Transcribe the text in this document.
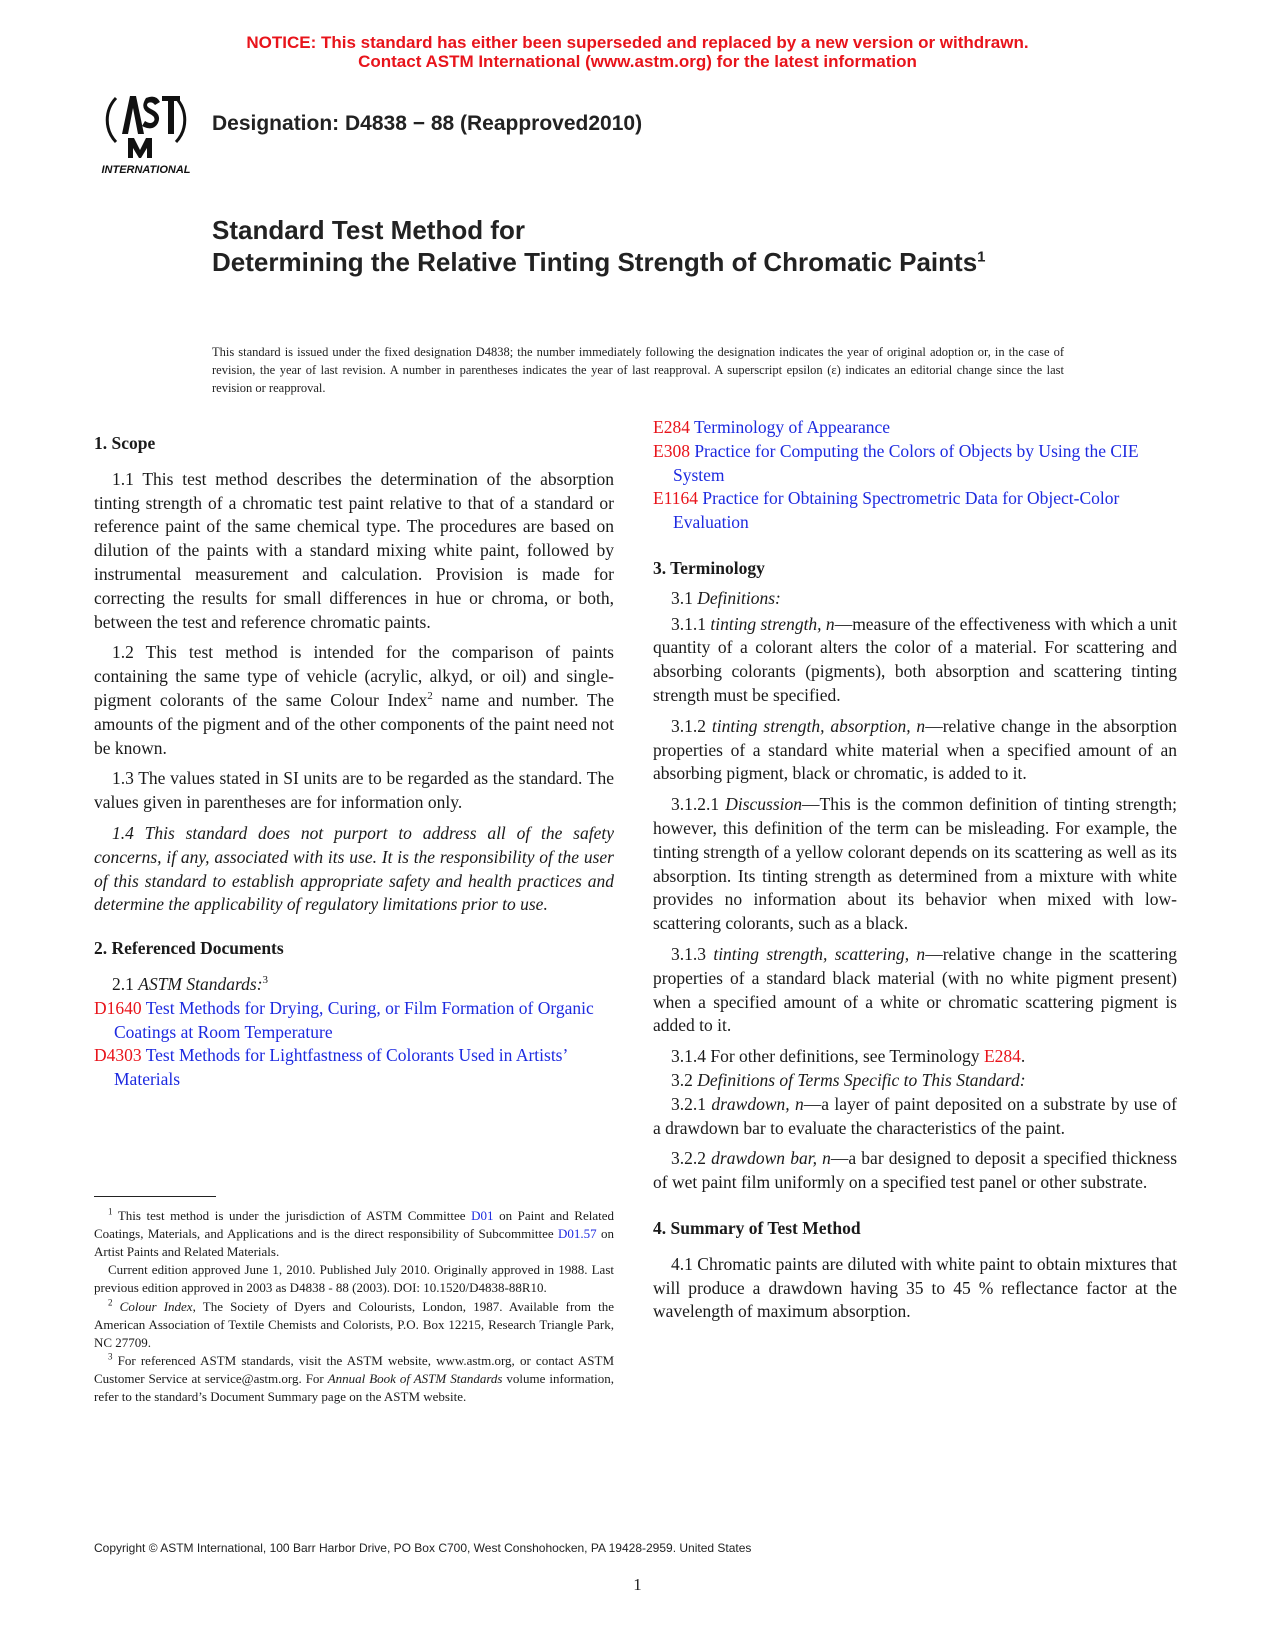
NOTICE: This standard has either been superseded and replaced by a new version or withdrawn.
Contact ASTM International (www.astm.org) for the latest information
INTERNATIONAL
Designation: D4838 − 88 (Reapproved2010)
Standard Test Method for
Determining the Relative Tinting Strength of Chromatic Paints$^1$
This standard is issued under the fixed designation D4838; the number immediately following the designation indicates the year of original adoption or, in the case of revision, the year of last revision. A number in parentheses indicates the year of last reapproval. A superscript epsilon (ε) indicates an editorial change since the last revision or reapproval.
1. Scope

1.1 This test method describes the determination of the absorption tinting strength of a chromatic test paint relative to that of a standard or reference paint of the same chemical type. The procedures are based on dilution of the paints with a standard mixing white paint, followed by instrumental measurement and calculation. Provision is made for correcting the results for small differences in hue or chroma, or both, between the test and reference chromatic paints.

1.2 This test method is intended for the comparison of paints containing the same type of vehicle (acrylic, alkyd, or oil) and single-pigment colorants of the same Colour Index$^2$ name and number. The amounts of the pigment and of the other components of the paint need not be known.

1.3 The values stated in SI units are to be regarded as the standard. The values given in parentheses are for information only.

1.4 This standard does not purport to address all of the safety concerns, if any, associated with its use. It is the responsibility of the user of this standard to establish appropriate safety and health practices and determine the applicability of regulatory limitations prior to use.

2. Referenced Documents

2.1 ASTM Standards:$^3$

D1640 Test Methods for Drying, Curing, or Film Formation of Organic Coatings at Room Temperature
D4303 Test Methods for Lightfastness of Colorants Used in Artists’ Materials

$^1$ This test method is under the jurisdiction of ASTM Committee D01 on Paint and Related Coatings, Materials, and Applications and is the direct responsibility of Subcommittee D01.57 on Artist Paints and Related Materials.

Current edition approved June 1, 2010. Published July 2010. Originally approved in 1988. Last previous edition approved in 2003 as D4838 - 88 (2003). DOI: 10.1520/D4838-88R10.

$^2$ Colour Index, The Society of Dyers and Colourists, London, 1987. Available from the American Association of Textile Chemists and Colorists, P.O. Box 12215, Research Triangle Park, NC 27709.

$^3$ For referenced ASTM standards, visit the ASTM website, www.astm.org, or contact ASTM Customer Service at service@astm.org. For Annual Book of ASTM Standards volume information, refer to the standard’s Document Summary page on the ASTM website.

E284 Terminology of Appearance
E308 Practice for Computing the Colors of Objects by Using the CIE System
E1164 Practice for Obtaining Spectrometric Data for Object-Color Evaluation
3. Terminology

3.1 Definitions:

3.1.1 tinting strength, n—measure of the effectiveness with which a unit quantity of a colorant alters the color of a material. For scattering and absorbing colorants (pigments), both absorption and scattering tinting strength must be specified.

3.1.2 tinting strength, absorption, n—relative change in the absorption properties of a standard white material when a specified amount of an absorbing pigment, black or chromatic, is added to it.

3.1.2.1 Discussion—This is the common definition of tinting strength; however, this definition of the term can be misleading. For example, the tinting strength of a yellow colorant depends on its scattering as well as its absorption. Its tinting strength as determined from a mixture with white provides no information about its behavior when mixed with low-scattering colorants, such as a black.

3.1.3 tinting strength, scattering, n—relative change in the scattering properties of a standard black material (with no white pigment present) when a specified amount of a white or chromatic scattering pigment is added to it.

3.1.4 For other definitions, see Terminology E284.

3.2 Definitions of Terms Specific to This Standard:

3.2.1 drawdown, n—a layer of paint deposited on a substrate by use of a drawdown bar to evaluate the characteristics of the paint.

3.2.2 drawdown bar, n—a bar designed to deposit a specified thickness of wet paint film uniformly on a specified test panel or other substrate.

4. Summary of Test Method

4.1 Chromatic paints are diluted with white paint to obtain mixtures that will produce a drawdown having 35 to 45 % reflectance factor at the wavelength of maximum absorption.

Copyright © ASTM International, 100 Barr Harbor Drive, PO Box C700, West Conshohocken, PA 19428-2959. United States
1
